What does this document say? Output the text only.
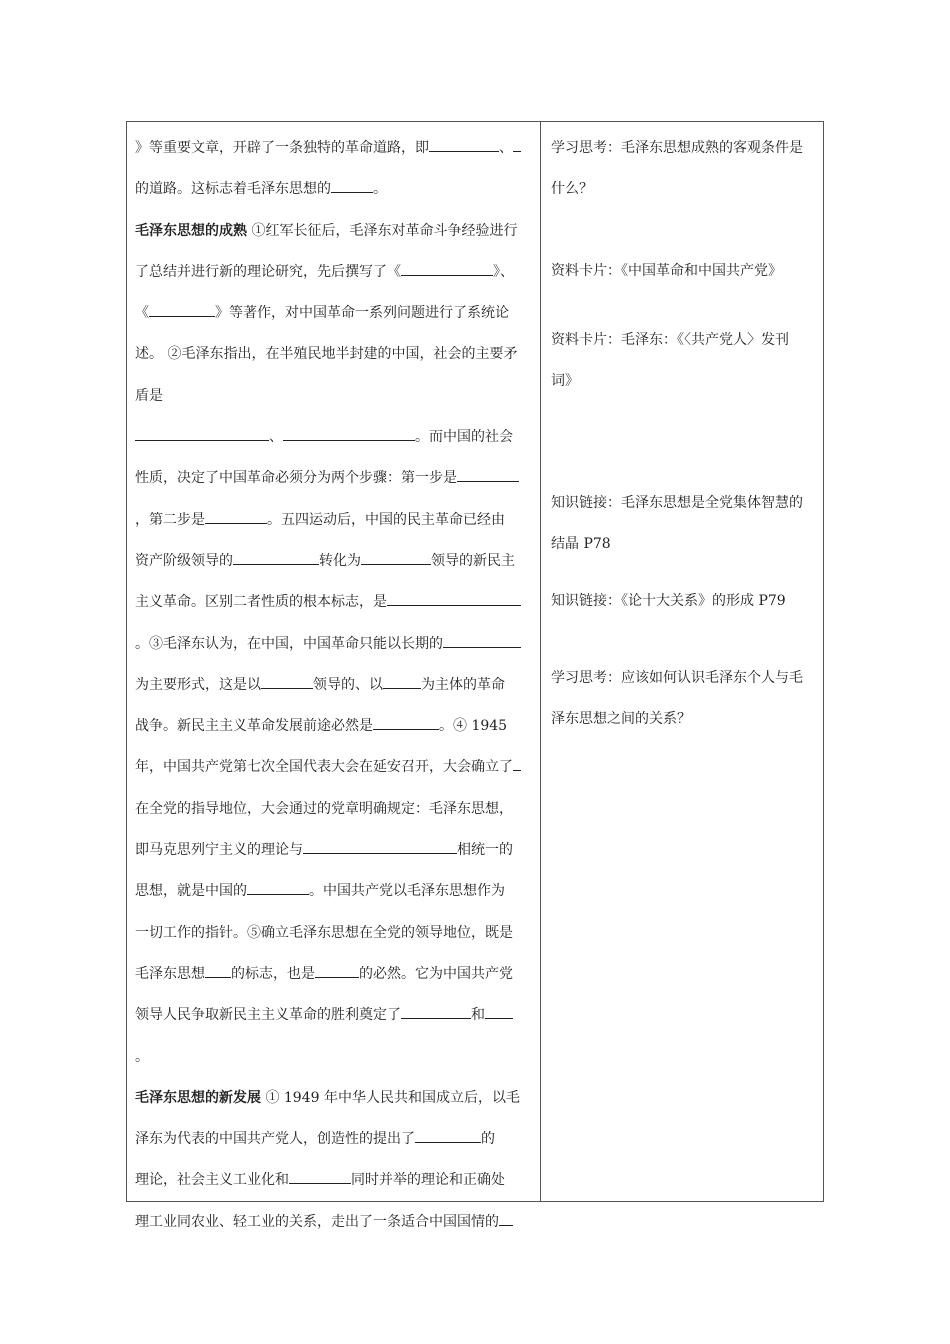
》等重要文章，开辟了一条独特的革命道路，即	、
的道路。这标志着毛泽东思想的	。
毛泽东思想的成熟 ①红军长征后，毛泽东对革命斗争经验进行
了总结并进行新的理论研究，先后撰写了《	》、
《	》等著作，对中国革命一系列问题进行了系统论
述。 ②毛泽东指出，在半殖民地半封建的中国，社会的主要矛
盾是
、	。而中国的社会
性质，决定了中国革命必须分为两个步骤：第一步是
，第二步是	。五四运动后，中国的民主革命已经由
资产阶级领导的	转化为	领导的新民主
主义革命。区别二者性质的根本标志，是
。③毛泽东认为，在中国，中国革命只能以长期的
为主要形式，这是以	领导的、以	为主体的革命
战争。新民主主义革命发展前途必然是	。④ 1945
年，中国共产党第七次全国代表大会在延安召开，大会确立了
在全党的指导地位，大会通过的党章明确规定：毛泽东思想，
即马克思列宁主义的理论与	相统一的
思想，就是中国的	。中国共产党以毛泽东思想作为
一切工作的指针。⑤确立毛泽东思想在全党的领导地位，既是
毛泽东思想 的标志，也是	的必然。它为中国共产党
领导人民争取新民主主义革命的胜利奠定了	和
。
毛泽东思想的新发展 ① 1949 年中华人民共和国成立后，以毛
泽东为代表的中国共产党人，创造性的提出了	的
理论，社会主义工业化和	同时并举的理论和正确处
理工业同农业、轻工业的关系，走出了一条适合中国国情的
学习思考：毛泽东思想成熟的客观条件是
什么？
资料卡片：《中国革命和中国共产党》
资料卡片：毛泽东：《〈共产党人〉发刊
词》
知识链接：毛泽东思想是全党集体智慧的
结晶 P78
知识链接：《论十大关系》的形成 P79
学习思考：应该如何认识毛泽东个人与毛
泽东思想之间的关系？
